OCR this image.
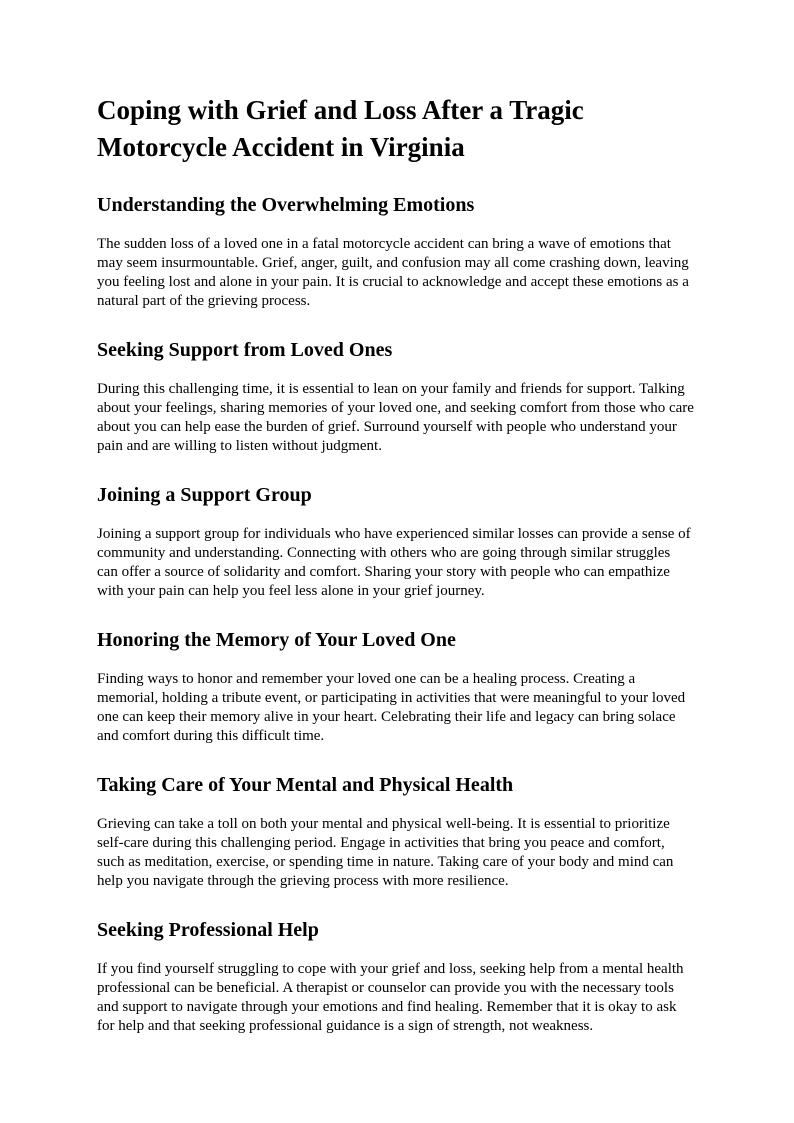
Coping with Grief and Loss After a Tragic Motorcycle Accident in Virginia
Understanding the Overwhelming Emotions

The sudden loss of a loved one in a fatal motorcycle accident can bring a wave of emotions that may seem insurmountable. Grief, anger, guilt, and confusion may all come crashing down, leaving you feeling lost and alone in your pain. It is crucial to acknowledge and accept these emotions as a natural part of the grieving process.

Seeking Support from Loved Ones

During this challenging time, it is essential to lean on your family and friends for support. Talking about your feelings, sharing memories of your loved one, and seeking comfort from those who care about you can help ease the burden of grief. Surround yourself with people who understand your pain and are willing to listen without judgment.

Joining a Support Group

Joining a support group for individuals who have experienced similar losses can provide a sense of community and understanding. Connecting with others who are going through similar struggles can offer a source of solidarity and comfort. Sharing your story with people who can empathize with your pain can help you feel less alone in your grief journey.

Honoring the Memory of Your Loved One

Finding ways to honor and remember your loved one can be a healing process. Creating a memorial, holding a tribute event, or participating in activities that were meaningful to your loved one can keep their memory alive in your heart. Celebrating their life and legacy can bring solace and comfort during this difficult time.

Taking Care of Your Mental and Physical Health

Grieving can take a toll on both your mental and physical well-being. It is essential to prioritize self-care during this challenging period. Engage in activities that bring you peace and comfort, such as meditation, exercise, or spending time in nature. Taking care of your body and mind can help you navigate through the grieving process with more resilience.

Seeking Professional Help

If you find yourself struggling to cope with your grief and loss, seeking help from a mental health professional can be beneficial. A therapist or counselor can provide you with the necessary tools and support to navigate through your emotions and find healing. Remember that it is okay to ask for help and that seeking professional guidance is a sign of strength, not weakness.
